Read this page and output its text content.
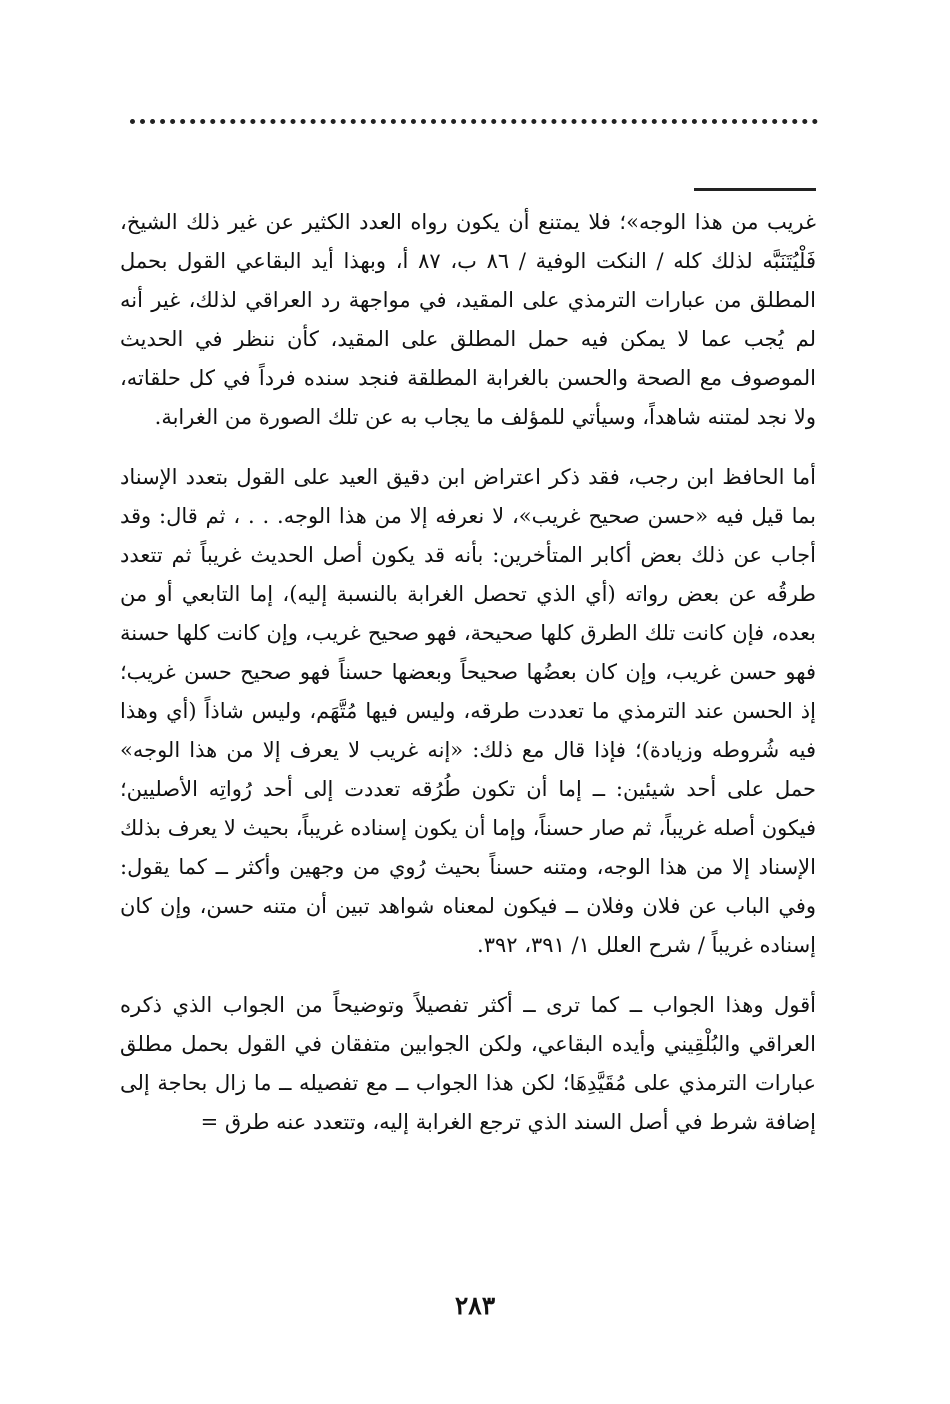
غريب من هذا الوجه»؛ فلا يمتنع أن يكون رواه العدد الكثير عن غير ذلك الشيخ، فَلْيُتَنَبَّه لذلك كله / النكت الوفية / ٨٦ ب، ٨٧ أ، وبهذا أيد البقاعي القول بحمل المطلق من عبارات الترمذي على المقيد، في مواجهة رد العراقي لذلك، غير أنه لم يُجب عما لا يمكن فيه حمل المطلق على المقيد، كأن ننظر في الحديث الموصوف مع الصحة والحسن بالغرابة المطلقة فنجد سنده فرداً في كل حلقاته، ولا نجد لمتنه شاهداً، وسيأتي للمؤلف ما يجاب به عن تلك الصورة من الغرابة.

أما الحافظ ابن رجب، فقد ذكر اعتراض ابن دقيق العيد على القول بتعدد الإسناد بما قيل فيه «حسن صحيح غريب»، لا نعرفه إلا من هذا الوجه. . . ، ثم قال: وقد أجاب عن ذلك بعض أكابر المتأخرين: بأنه قد يكون أصل الحديث غريباً ثم تتعدد طرقُه عن بعض رواته (أي الذي تحصل الغرابة بالنسبة إليه)، إما التابعي أو من بعده، فإن كانت تلك الطرق كلها صحيحة، فهو صحيح غريب، وإن كانت كلها حسنة فهو حسن غريب، وإن كان بعضُها صحيحاً وبعضها حسناً فهو صحيح حسن غريب؛ إذ الحسن عند الترمذي ما تعددت طرقه، وليس فيها مُتَّهَم، وليس شاذاً (أي وهذا فيه شُروطه وزيادة)؛ فإذا قال مع ذلك: «إنه غريب لا يعرف إلا من هذا الوجه» حمل على أحد شيئين: ــ إما أن تكون طُرُقه تعددت إلى أحد رُواتِه الأصليين؛ فيكون أصله غريباً، ثم صار حسناً، وإما أن يكون إسناده غريباً، بحيث لا يعرف بذلك الإسناد إلا من هذا الوجه، ومتنه حسناً بحيث رُوي من وجهين وأكثر ــ كما يقول: وفي الباب عن فلان وفلان ــ فيكون لمعناه شواهد تبين أن متنه حسن، وإن كان إسناده غريباً / شرح العلل ١/ ٣٩١، ٣٩٢.

أقول وهذا الجواب ــ كما ترى ــ أكثر تفصيلاً وتوضيحاً من الجواب الذي ذكره العراقي والبُلْقِيني وأيده البقاعي، ولكن الجوابين متفقان في القول بحمل مطلق عبارات الترمذي على مُقَيَّدِهَا؛ لكن هذا الجواب ــ مع تفصيله ــ ما زال بحاجة إلى إضافة شرط في أصل السند الذي ترجع الغرابة إليه، وتتعدد عنه طرق =

٢٨٣
